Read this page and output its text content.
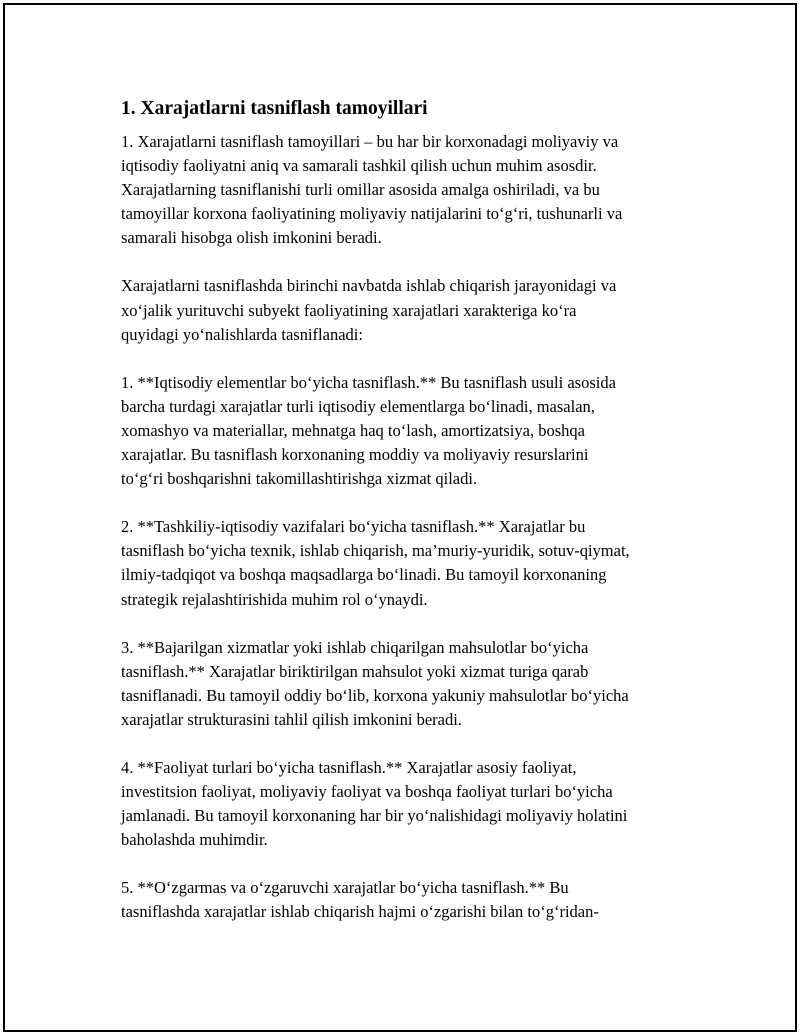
1. Xarajatlarni tasniflash tamoyillari

1. Xarajatlarni tasniflash tamoyillari – bu har bir korxonadagi moliyaviy va
iqtisodiy faoliyatni aniq va samarali tashkil qilish uchun muhim asosdir.
Xarajatlarning tasniflanishi turli omillar asosida amalga oshiriladi, va bu
tamoyillar korxona faoliyatining moliyaviy natijalarini to‘g‘ri, tushunarli va
samarali hisobga olish imkonini beradi.

Xarajatlarni tasniflashda birinchi navbatda ishlab chiqarish jarayonidagi va
xo‘jalik yurituvchi subyekt faoliyatining xarajatlari xarakteriga ko‘ra
quyidagi yo‘nalishlarda tasniflanadi:

1. **Iqtisodiy elementlar bo‘yicha tasniflash.** Bu tasniflash usuli asosida
barcha turdagi xarajatlar turli iqtisodiy elementlarga bo‘linadi, masalan,
xomashyo va materiallar, mehnatga haq to‘lash, amortizatsiya, boshqa
xarajatlar. Bu tasniflash korxonaning moddiy va moliyaviy resurslarini
to‘g‘ri boshqarishni takomillashtirishga xizmat qiladi.

2. **Tashkiliy-iqtisodiy vazifalari bo‘yicha tasniflash.** Xarajatlar bu
tasniflash bo‘yicha texnik, ishlab chiqarish, ma’muriy-yuridik, sotuv-qiymat,
ilmiy-tadqiqot va boshqa maqsadlarga bo‘linadi. Bu tamoyil korxonaning
strategik rejalashtirishida muhim rol o‘ynaydi.

3. **Bajarilgan xizmatlar yoki ishlab chiqarilgan mahsulotlar bo‘yicha
tasniflash.** Xarajatlar biriktirilgan mahsulot yoki xizmat turiga qarab
tasniflanadi. Bu tamoyil oddiy bo‘lib, korxona yakuniy mahsulotlar bo‘yicha
xarajatlar strukturasini tahlil qilish imkonini beradi.

4. **Faoliyat turlari bo‘yicha tasniflash.** Xarajatlar asosiy faoliyat,
investitsion faoliyat, moliyaviy faoliyat va boshqa faoliyat turlari bo‘yicha
jamlanadi. Bu tamoyil korxonaning har bir yo‘nalishidagi moliyaviy holatini
baholashda muhimdir.

5. **O‘zgarmas va o‘zgaruvchi xarajatlar bo‘yicha tasniflash.** Bu
tasniflashda xarajatlar ishlab chiqarish hajmi o‘zgarishi bilan to‘g‘ridan-
